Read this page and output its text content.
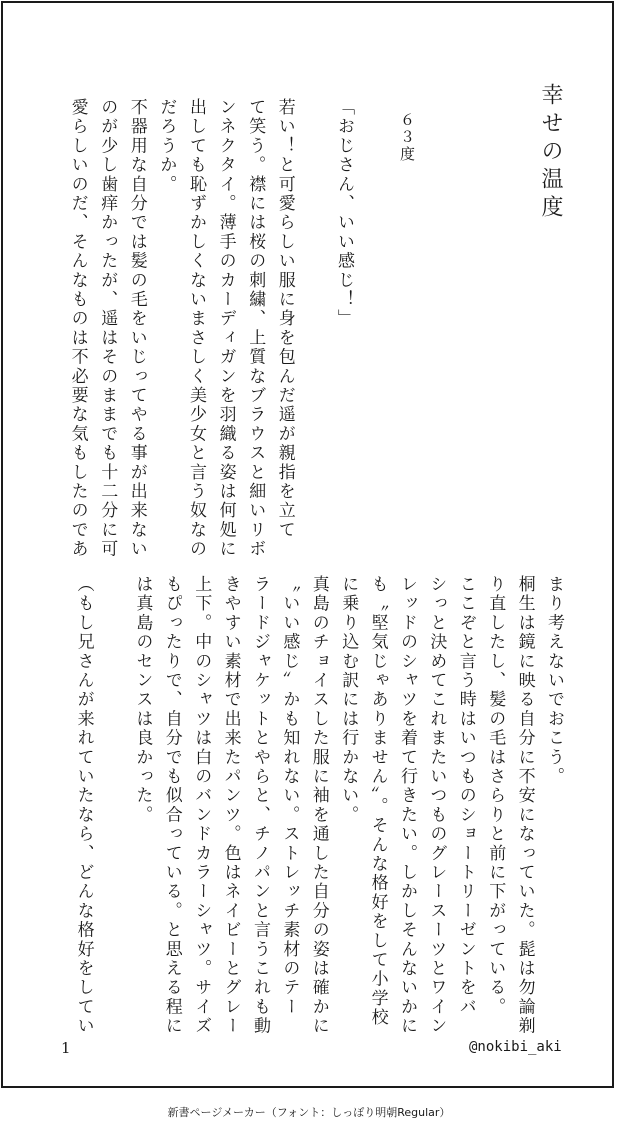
幸せの温度
６３度
「おじさん、いい感じ！」
若い！と可愛らしい服に身を包んだ遥が親指を立て
て笑う。襟には桜の刺繍、上質なブラウスと細いリボ
ンネクタイ。薄手のカーディガンを羽織る姿は何処に
出しても恥ずかしくないまさしく美少女と言う奴なの
だろうか。
不器用な自分では髪の毛をいじってやる事が出来ない
のが少し歯痒かったが、遥はそのままでも十二分に可
愛らしいのだ、そんなものは不必要な気もしたのであ
まり考えないでおこう。
桐生は鏡に映る自分に不安になっていた。髭は勿論剃
り直したし、髪の毛はさらりと前に下がっている。
ここぞと言う時はいつものショートリーゼントをバ
シっと決めてこれまたいつものグレースーツとワイン
レッドのシャツを着て行きたい。しかしそんないかに
も〝堅気じゃありません〟。そんな格好をして小学校
に乗り込む訳には行かない。
真島のチョイスした服に袖を通した自分の姿は確かに
〝いい感じ〟かも知れない。ストレッチ素材のテー
ラードジャケットとやらと、チノパンと言うこれも動
きやすい素材で出来たパンツ。色はネイビーとグレー
上下。中のシャツは白のバンドカラーシャツ。サイズ
もぴったりで、自分でも似合っている。と思える程に
は真島のセンスは良かった。
（もし兄さんが来れていたなら、どんな格好をしてい
1	@nokibi_aki
新書ページメーカー（フォント：しっぽり明朝Regular）
